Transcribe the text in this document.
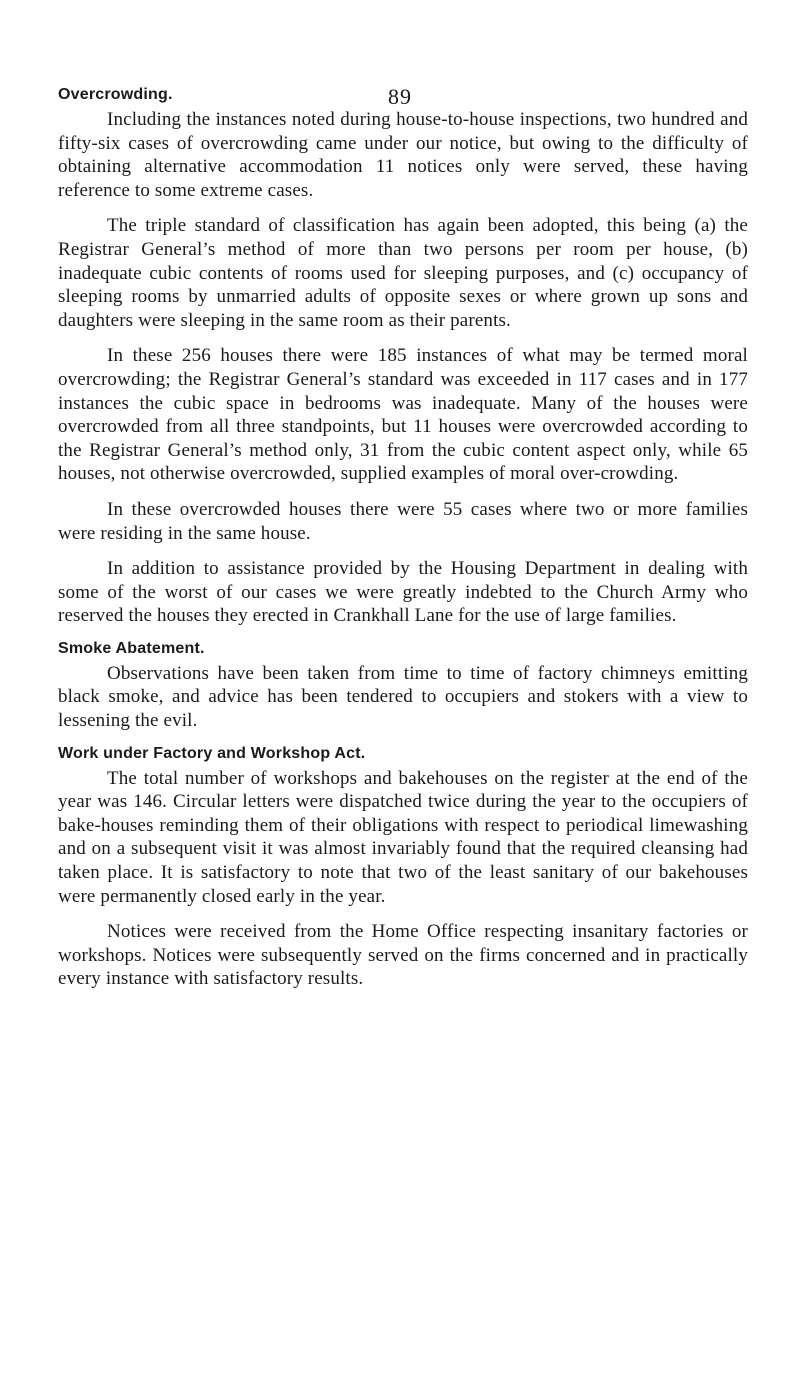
89
Overcrowding.

Including the instances noted during house-to-house inspections, two hundred and fifty-six cases of overcrowding came under our notice, but owing to the difficulty of obtaining alternative accommodation 11 notices only were served, these having reference to some extreme cases.

The triple standard of classification has again been adopted, this being (a) the Registrar General’s method of more than two persons per room per house, (b) inadequate cubic contents of rooms used for sleeping purposes, and (c) occupancy of sleeping rooms by unmarried adults of opposite sexes or where grown up sons and daughters were sleeping in the same room as their parents.

In these 256 houses there were 185 instances of what may be termed moral overcrowding; the Registrar General’s standard was exceeded in 117 cases and in 177 instances the cubic space in bedrooms was inadequate. Many of the houses were overcrowded from all three standpoints, but 11 houses were overcrowded according to the Registrar General’s method only, 31 from the cubic content aspect only, while 65 houses, not otherwise overcrowded, supplied examples of moral over-crowding.

In these overcrowded houses there were 55 cases where two or more families were residing in the same house.

In addition to assistance provided by the Housing Department in dealing with some of the worst of our cases we were greatly indebted to the Church Army who reserved the houses they erected in Crankhall Lane for the use of large families.

Smoke Abatement.

Observations have been taken from time to time of factory chimneys emitting black smoke, and advice has been tendered to occupiers and stokers with a view to lessening the evil.

Work under Factory and Workshop Act.

The total number of workshops and bakehouses on the register at the end of the year was 146. Circular letters were dispatched twice during the year to the occupiers of bake-houses reminding them of their obligations with respect to periodical limewashing and on a subsequent visit it was almost invariably found that the required cleansing had taken place. It is satisfactory to note that two of the least sanitary of our bakehouses were permanently closed early in the year.

Notices were received from the Home Office respecting insanitary factories or workshops. Notices were subsequently served on the firms concerned and in practically every instance with satisfactory results.
